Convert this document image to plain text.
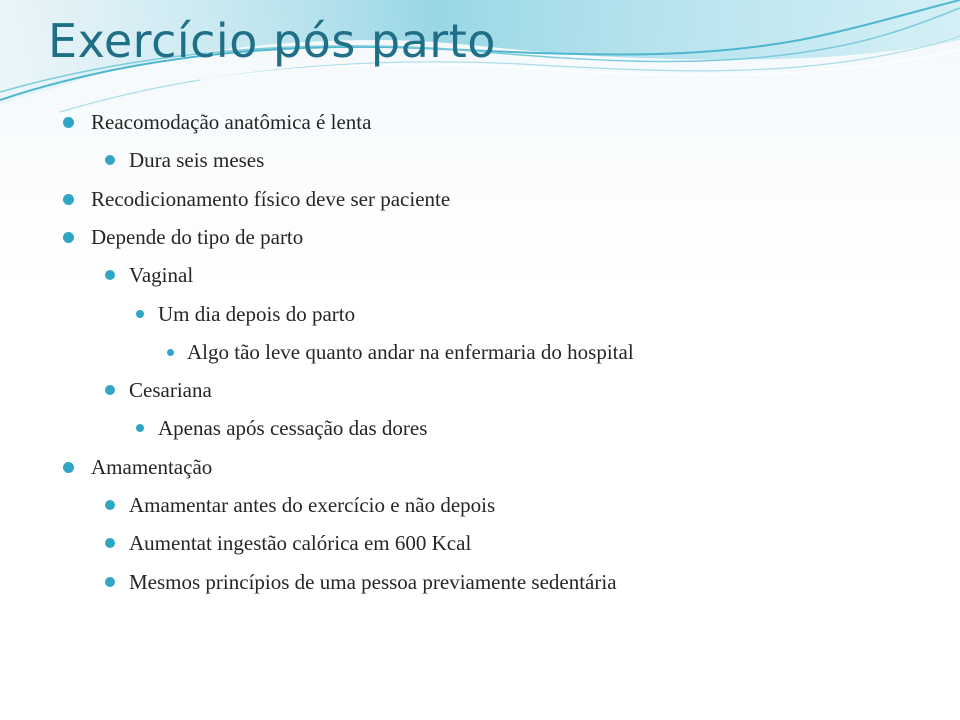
Exercício pós parto
Reacomodação anatômica é lenta
Dura seis meses
Recodicionamento físico deve ser paciente
Depende do tipo de parto
Vaginal
Um dia depois do parto
Algo tão leve quanto andar na enfermaria do hospital
Cesariana
Apenas após cessação das dores
Amamentação
Amamentar antes do exercício e não depois
Aumentat ingestão calórica em 600 Kcal
Mesmos princípios de uma pessoa previamente sedentária
